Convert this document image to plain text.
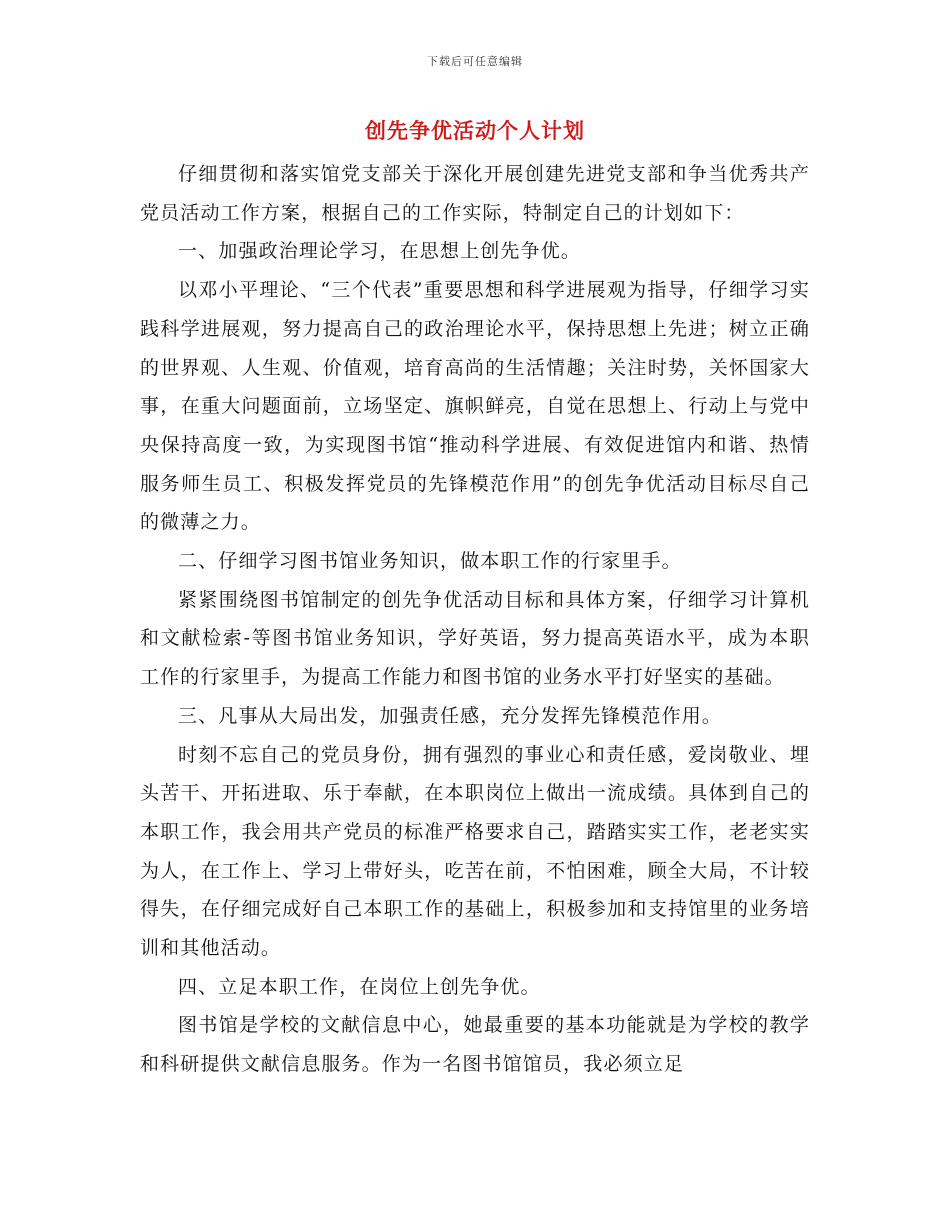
下载后可任意编辑
创先争优活动个人计划

仔细贯彻和落实馆党支部关于深化开展创建先进党支部和争当优秀共产党员活动工作方案，根据自己的工作实际，特制定自己的计划如下：

一、加强政治理论学习，在思想上创先争优。

以邓小平理论、“三个代表”重要思想和科学进展观为指导，仔细学习实践科学进展观，努力提高自己的政治理论水平，保持思想上先进；树立正确的世界观、人生观、价值观，培育高尚的生活情趣；关注时势，关怀国家大事，在重大问题面前，立场坚定、旗帜鲜亮，自觉在思想上、行动上与党中央保持高度一致，为实现图书馆“推动科学进展、有效促进馆内和谐、热情服务师生员工、积极发挥党员的先锋模范作用”的创先争优活动目标尽自己的微薄之力。

二、仔细学习图书馆业务知识，做本职工作的行家里手。

紧紧围绕图书馆制定的创先争优活动目标和具体方案，仔细学习计算机和文献检索-等图书馆业务知识，学好英语，努力提高英语水平，成为本职工作的行家里手，为提高工作能力和图书馆的业务水平打好坚实的基础。

三、凡事从大局出发，加强责任感，充分发挥先锋模范作用。

时刻不忘自己的党员身份，拥有强烈的事业心和责任感，爱岗敬业、埋头苦干、开拓进取、乐于奉献，在本职岗位上做出一流成绩。具体到自己的本职工作，我会用共产党员的标准严格要求自己，踏踏实实工作，老老实实为人，在工作上、学习上带好头，吃苦在前，不怕困难，顾全大局，不计较得失，在仔细完成好自己本职工作的基础上，积极参加和支持馆里的业务培训和其他活动。

四、立足本职工作，在岗位上创先争优。

图书馆是学校的文献信息中心，她最重要的基本功能就是为学校的教学和科研提供文献信息服务。作为一名图书馆馆员，我必须立足
